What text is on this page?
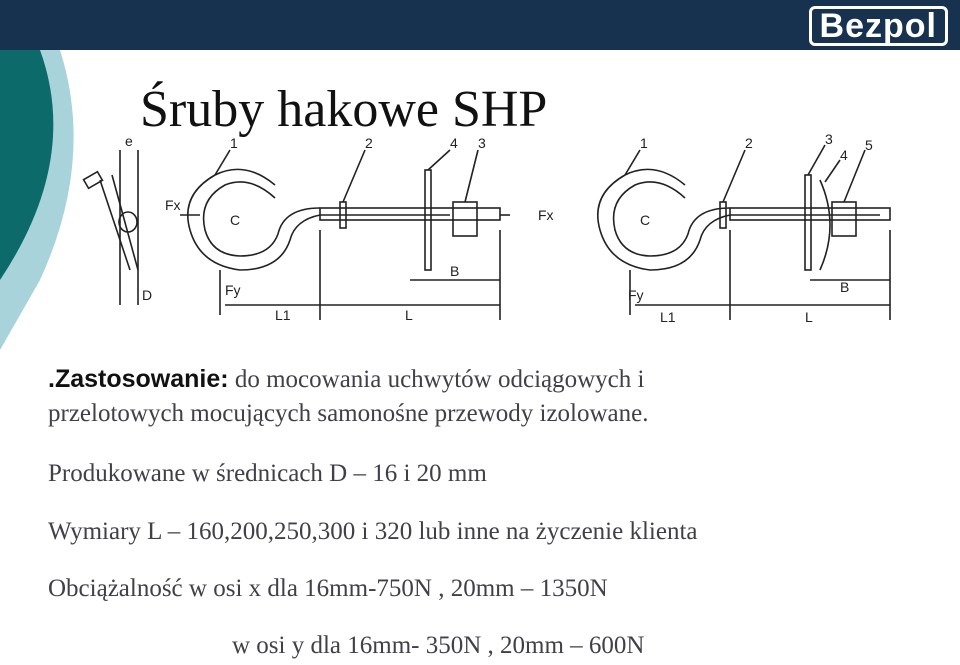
Bezpol
Śruby hakowe SHP
e
Fx
Fy
C
D
L1	L
B
1	2	3
4
Fx
Fy
C
L1	L
B
1	2	3
4
5
.Zastosowanie: do mocowania uchwytów odciągowych i
przelotowych mocujących samonośne przewody izolowane.
Produkowane w średnicach D – 16 i 20 mm
Wymiary L – 160,200,250,300 i 320 lub inne na życzenie klienta
Obciążalność w osi x dla 16mm-750N , 20mm – 1350N
w osi y dla 16mm- 350N , 20mm – 600N
